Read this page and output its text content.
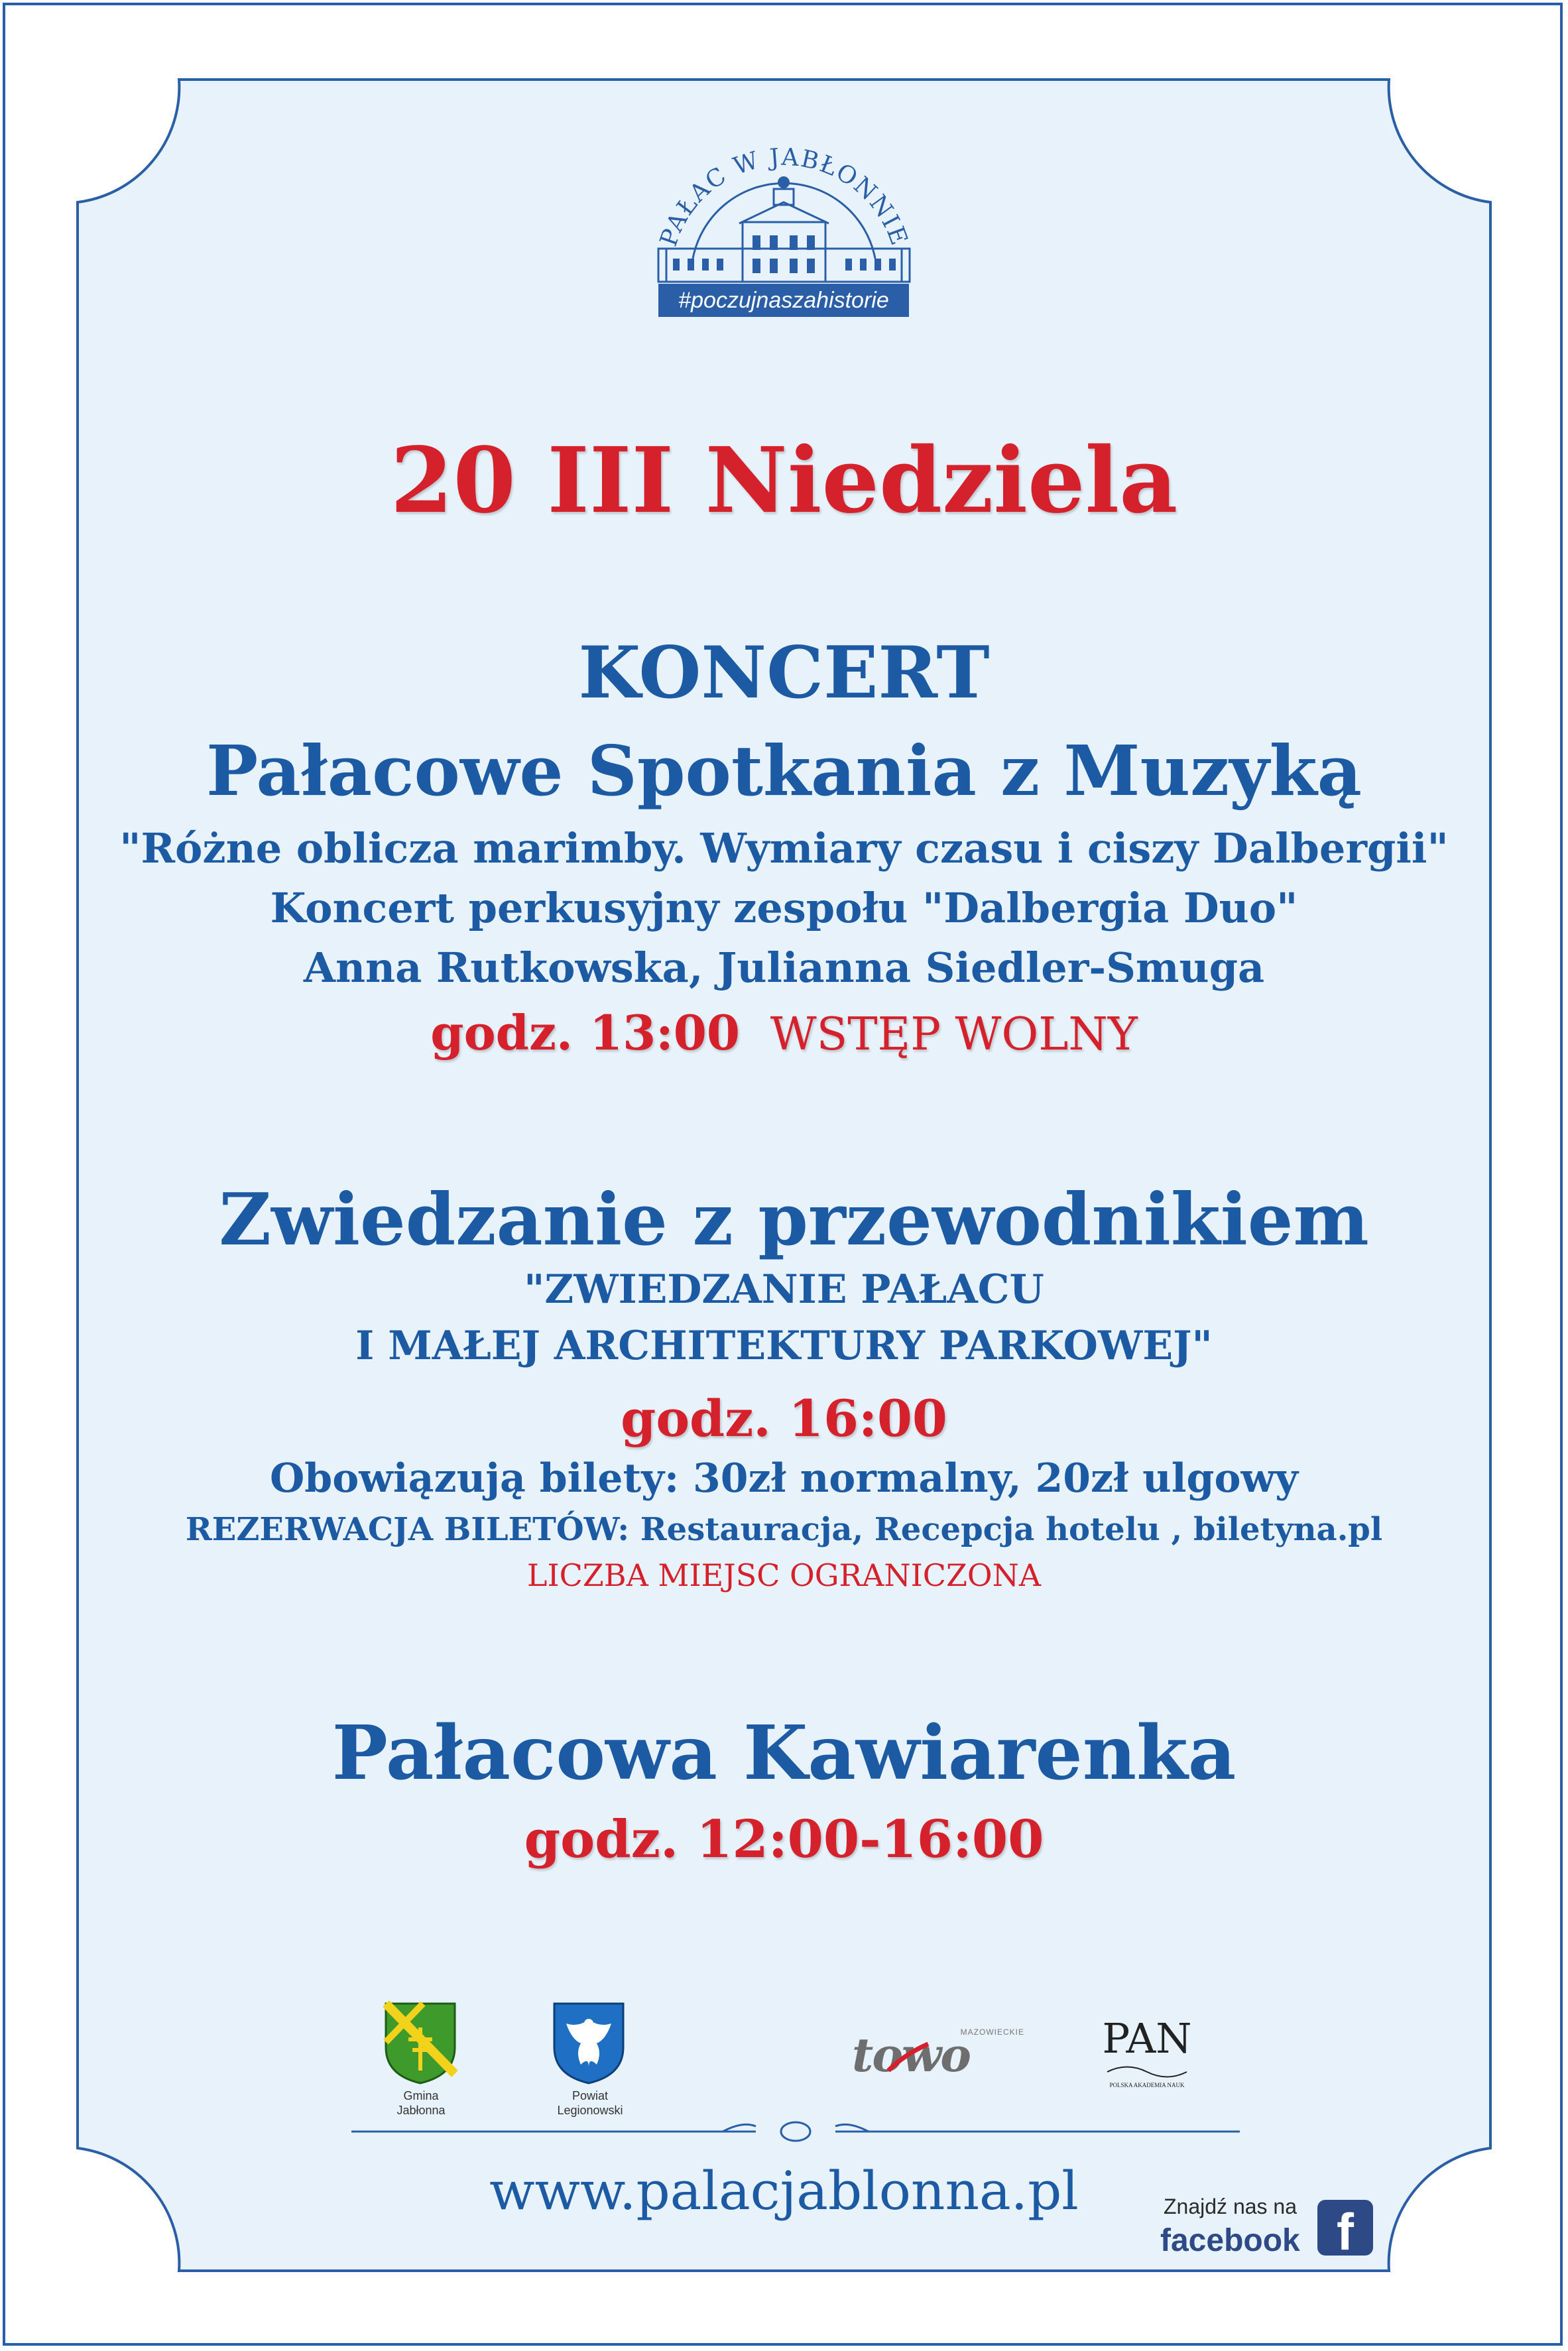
PAŁAC W JABŁONNIE
#poczujnaszahistorie
20 III Niedziela
KONCERT
Pałacowe Spotkania z Muzyką
"Różne oblicza marimby. Wymiary czasu i ciszy Dalbergii"
Koncert perkusyjny zespołu "Dalbergia Duo"
Anna Rutkowska, Julianna Siedler-Smuga
godz. 13:00 WSTĘP WOLNY
Zwiedzanie z przewodnikiem
"ZWIEDZANIE PAŁACU
I MAŁEJ ARCHITEKTURY PARKOWEJ"
godz. 16:00
Obowiązują bilety: 30zł normalny, 20zł ulgowy
REZERWACJA BILETÓW: Restauracja, Recepcja hotelu , biletyna.pl
LICZBA MIEJSC OGRANICZONA
Pałacowa Kawiarenka
godz. 12:00-16:00
Gmina
Jabłonna
Powiat
Legionowski
MAZOWIECKIE
towo	PAN
POLSKA AKADEMIA NAUK
www.palacjablonna.pl	Znajdź nas na
facebook f
